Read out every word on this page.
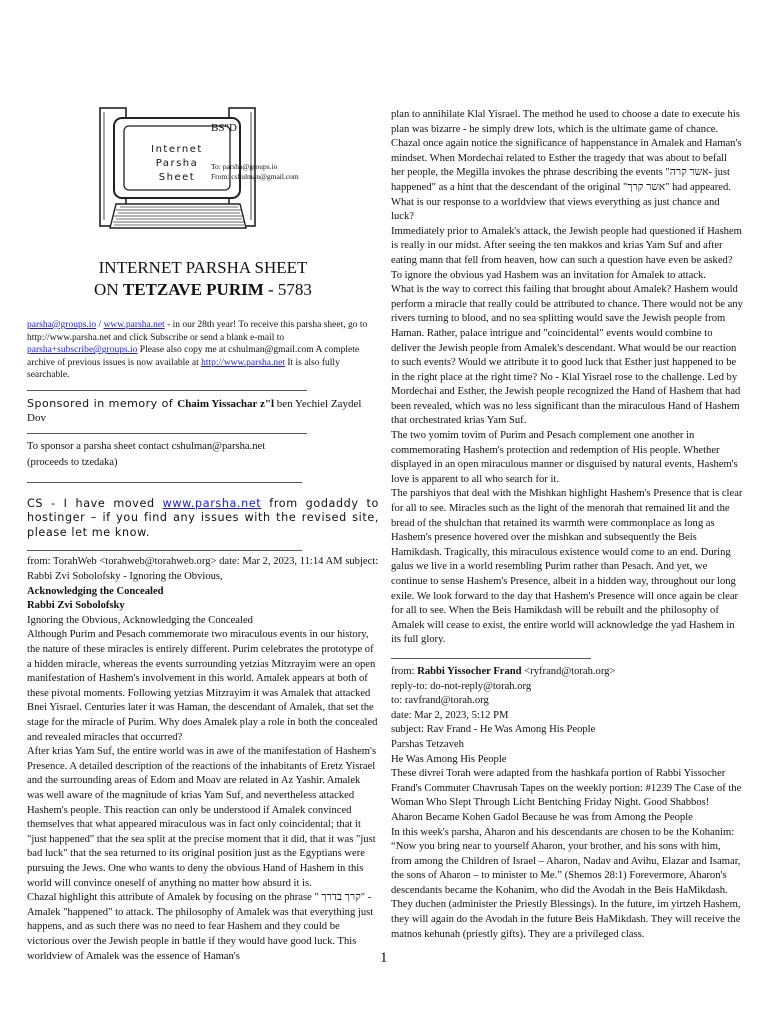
Internet
Parsha
Sheet
BS"D
To: parsha@groups.io
From: cshulman@gmail.com
INTERNET PARSHA SHEET
ON TETZAVE PURIM - 5783

parsha@groups.io / www.parsha.net - in our 28th year! To receive this parsha sheet, go to http://www.parsha.net and click Subscribe or send a blank e-mail to parsha+subscribe@groups.io Please also copy me at cshulman@gmail.com A complete archive of previous issues is now available at http://www.parsha.net It is also fully searchable.

Sponsored in memory of Chaim Yissachar z"l ben Yechiel Zaydel Dov

To sponsor a parsha sheet contact cshulman@parsha.net

(proceeds to tzedaka)

CS - I have moved www.parsha.net from godaddy to hostinger – if you find any issues with the revised site, please let me know.

from: TorahWeb <torahweb@torahweb.org> date: Mar 2, 2023, 11:14 AM subject: Rabbi Zvi Sobolofsky - Ignoring the Obvious,

Acknowledging the Concealed

Rabbi Zvi Sobolofsky

Ignoring the Obvious, Acknowledging the Concealed

Although Purim and Pesach commemorate two miraculous events in our history, the nature of these miracles is entirely different. Purim celebrates the prototype of a hidden miracle, whereas the events surrounding yetzias Mitzrayim were an open manifestation of Hashem's involvement in this world. Amalek appears at both of these pivotal moments. Following yetzias Mitzrayim it was Amalek that attacked Bnei Yisrael. Centuries later it was Haman, the descendant of Amalek, that set the stage for the miracle of Purim. Why does Amalek play a role in both the concealed and revealed miracles that occurred?

After krias Yam Suf, the entire world was in awe of the manifestation of Hashem's Presence. A detailed description of the reactions of the inhabitants of Eretz Yisrael and the surrounding areas of Edom and Moav are related in Az Yashir. Amalek was well aware of the magnitude of krias Yam Suf, and nevertheless attacked Hashem's people. This reaction can only be understood if Amalek convinced themselves that what appeared miraculous was in fact only coincidental; that it "just happened" that the sea split at the precise moment that it did, that it was "just bad luck" that the sea returned to its original position just as the Egyptians were pursuing the Jews. One who wants to deny the obvious Hand of Hashem in this world will convince oneself of anything no matter how absurd it is.

Chazal highlight this attribute of Amalek by focusing on the phrase " קרך בדרך" - Amalek "happened" to attack. The philosophy of Amalek was that everything just happens, and as such there was no need to fear Hashem and they could be victorious over the Jewish people in battle if they would have good luck. This worldview of Amalek was the essence of Haman's

plan to annihilate Klal Yisrael. The method he used to choose a date to execute his plan was bizarre - he simply drew lots, which is the ultimate game of chance. Chazal once again notice the significance of happenstance in Amalek and Haman's mindset. When Mordechai related to Esther the tragedy that was about to befall her people, the Megilla invokes the phrase describing the events "אשר קרה- just happened" as a hint that the descendant of the original "אשר קרך" had appeared. What is our response to a worldview that views everything as just chance and luck?

Immediately prior to Amalek's attack, the Jewish people had questioned if Hashem is really in our midst. After seeing the ten makkos and krias Yam Suf and after eating mann that fell from heaven, how can such a question have even be asked? To ignore the obvious yad Hashem was an invitation for Amalek to attack.

What is the way to correct this failing that brought about Amalek? Hashem would perform a miracle that really could be attributed to chance. There would not be any rivers turning to blood, and no sea splitting would save the Jewish people from Haman. Rather, palace intrigue and "coincidental" events would combine to deliver the Jewish people from Amalek's descendant. What would be our reaction to such events? Would we attribute it to good luck that Esther just happened to be in the right place at the right time? No - Klal Yisrael rose to the challenge. Led by Mordechai and Esther, the Jewish people recognized the Hand of Hashem that had been revealed, which was no less significant than the miraculous Hand of Hashem that orchestrated krias Yam Suf.

The two yomim tovim of Purim and Pesach complement one another in commemorating Hashem's protection and redemption of His people. Whether displayed in an open miraculous manner or disguised by natural events, Hashem's love is apparent to all who search for it.

The parshiyos that deal with the Mishkan highlight Hashem's Presence that is clear for all to see. Miracles such as the light of the menorah that remained lit and the bread of the shulchan that retained its warmth were commonplace as long as Hashem's presence hovered over the mishkan and subsequently the Beis Hamikdash. Tragically, this miraculous existence would come to an end. During galus we live in a world resembling Purim rather than Pesach. And yet, we continue to sense Hashem's Presence, albeit in a hidden way, throughout our long exile. We look forward to the day that Hashem's Presence will once again be clear for all to see. When the Beis Hamikdash will be rebuilt and the philosophy of Amalek will cease to exist, the entire world will acknowledge the yad Hashem in its full glory.

from: Rabbi Yissocher Frand <ryfrand@torah.org>

reply-to: do-not-reply@torah.org

to: ravfrand@torah.org

date: Mar 2, 2023, 5:12 PM

subject: Rav Frand - He Was Among His People

Parshas Tetzaveh

He Was Among His People

These divrei Torah were adapted from the hashkafa portion of Rabbi Yissocher Frand's Commuter Chavrusah Tapes on the weekly portion: #1239 The Case of the Woman Who Slept Through Licht Bentching Friday Night. Good Shabbos!

Aharon Became Kohen Gadol Because he was from Among the People

In this week's parsha, Aharon and his descendants are chosen to be the Kohanim: “Now you bring near to yourself Aharon, your brother, and his sons with him, from among the Children of Israel – Aharon, Nadav and Avihu, Elazar and Isamar, the sons of Aharon – to minister to Me.” (Shemos 28:1) Forevermore, Aharon's descendants became the Kohanim, who did the Avodah in the Beis HaMikdash. They duchen (administer the Priestly Blessings). In the future, im yirtzeh Hashem, they will again do the Avodah in the future Beis HaMikdash. They will receive the matnos kehunah (priestly gifts). They are a privileged class.

1
